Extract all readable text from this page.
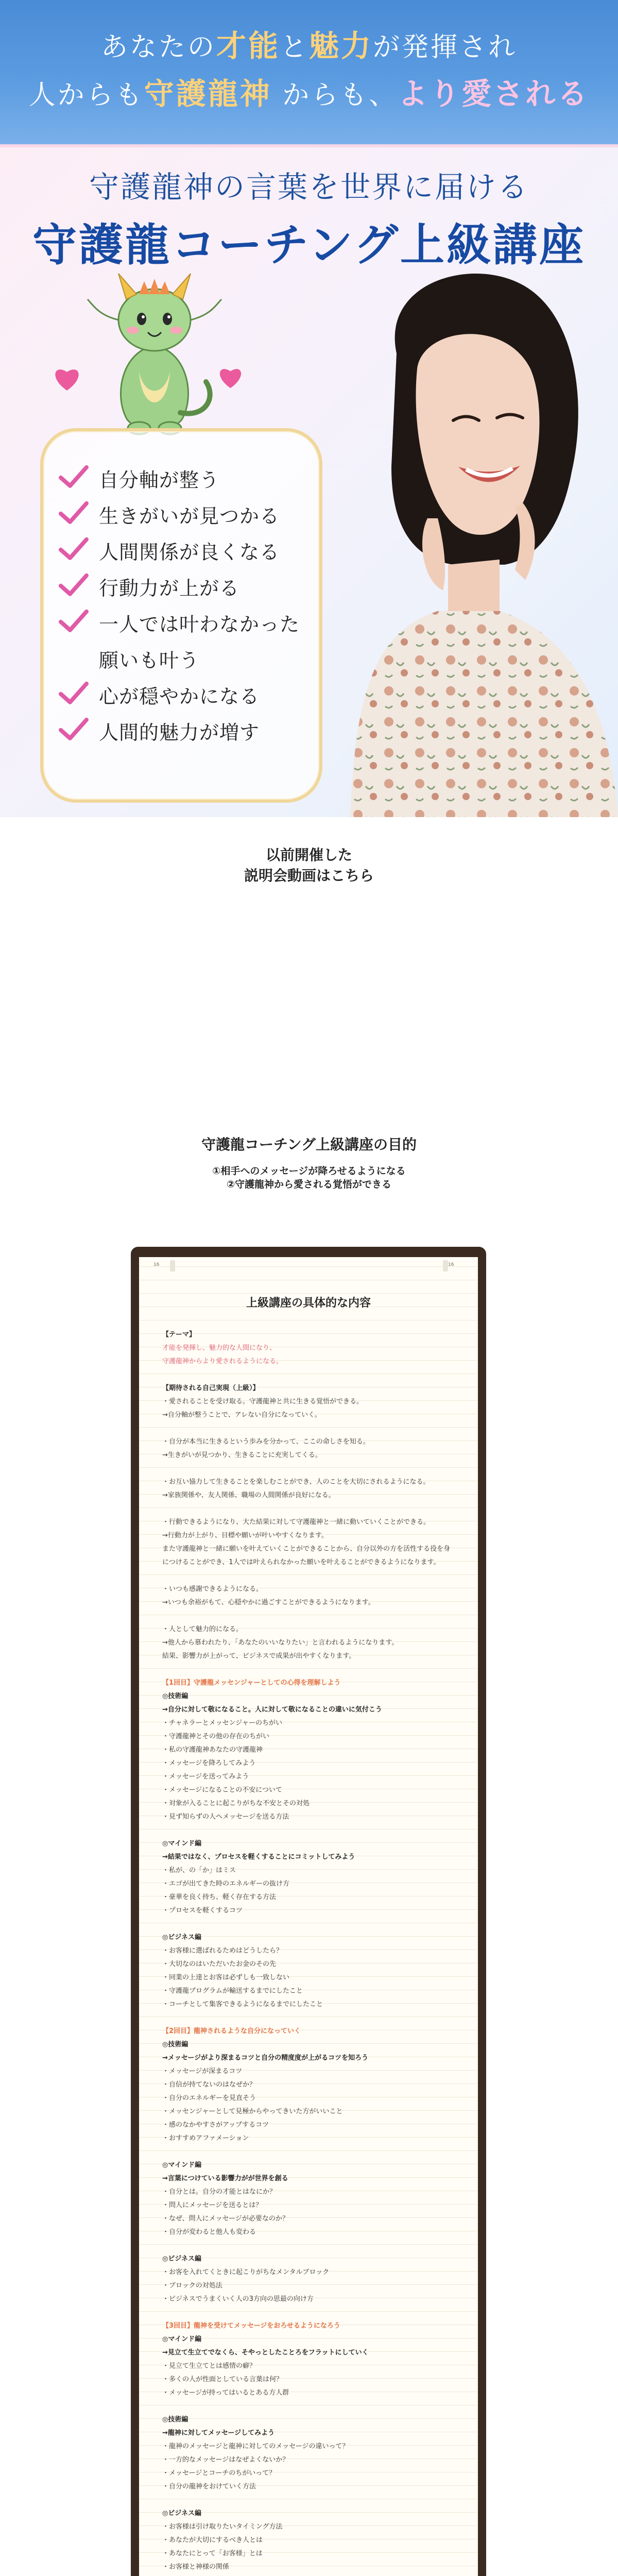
あなたの才能と魅力が発揮され
人からも守護龍神 からも、より愛される
守護龍神の言葉を世界に届ける
守護龍コーチング上級講座
自分軸が整う
生きがいが見つかる
人間関係が良くなる
行動力が上がる
一人では叶わなかった
願いも叶う
心が穏やかになる
人間的魅力が増す
以前開催した
説明会動画はこちら
守護龍コーチング上級講座の目的
①相手へのメッセージが降ろせるようになる
②守護龍神から愛される覚悟ができる
16	16
上級講座の具体的な内容
【テーマ】
才能を発揮し、魅力的な人間になり、
守護龍神からより愛されるようになる。
【期待される自己実現（上級）】
・愛されることを受け取る。守護龍神と共に生きる覚悟ができる。
→自分軸が整うことで、アレない自分になっていく。
・自分が本当に生きるという歩みを分かって、ここの命しさを知る。
→生きがいが見つかり、生きることに充実してくる。
・お互い協力して生きることを楽しむことができ、人のことを大切にされるようになる。
→家族関係や、友人関係、職場の人間関係が良好になる。
・行動できるようになり、大た結果に対して守護龍神と一緒に動いていくことができる。
→行動力が上がり、目標や願いが叶いやすくなります。
また守護龍神と一緒に願いを叶えていくことができることから、自分以外の方を活性する役を身
につけることができ、1人では叶えられなかった願いを叶えることができるようになります。
・いつも感謝できるようになる。
→いつも余裕がもて、心穏やかに過ごすことができるようになります。
・人として魅力的になる。
→他人から慕われたり、「あなたのいいなりたい」と言われるようになります。
結果、影響力が上がって、ビジネスで成果が出やすくなります。
【1回目】守護龍メッセンジャーとしての心得を理解しよう
◎技術編
→自分に対して敬になること。人に対して敬になることの違いに気付こう
・チャネラーとメッセンジャーのちがい
・守護龍神とその他の存在のちがい
・私の守護龍神あなたの守護龍神
・メッセージを降ろしてみよう
・メッセージを送ってみよう
・メッセージになることの不安について
・対象が入ることに起こりがちな不安とその対処
・見ず知らずの人へメッセージを送る方法
◎マインド編
→結果ではなく、プロセスを軽くすることにコミットしてみよう
・私が、の「か」はミス
・エゴが出てきた時のエネルギーの抜け方
・豪華を良く持ち、軽く存在する方法
・プロセスを軽くするコツ
◎ビジネス編
・お客様に選ばれるためはどうしたら？
・大切なのはいただいたお金のその先
・同業の上達とお客は必ずしも一致しない
・守護龍プログラムが輸送するまでにしたこと
・コーチとして集客できるようになるまでにしたこと
【2回目】龍神されるような自分になっていく
◎技術編
→メッセージがより深まるコツと自分の精度度が上がるコツを知ろう
・メッセージが深まるコツ
・自信が持てないのはなぜか？
・自分のエネルギーを見直そう
・メッセンジャーとして見極からやってきいた方がいいこと
・感のなかやすさがアップするコツ
・おすすめアファメーション
◎マインド編
→言葉につけている影響力がが世界を創る
・自分とは。自分の才能とはなにか？
・問人にメッセージを送るとは？
・なぜ、問人にメッセージが必要なのか？
・自分が変わると他人も変わる
◎ビジネス編
・お客を入れてくときに起こりがちなメンタルブロック
・ブロックの対処法
・ビジネスでうまくいく人の3方向の思最の向け方
【3回目】龍神を受けてメッセージをおろせるようになろう
◎マインド編
→見立て生立てでなくら、そやっとしたことろをフラットにしていく
・見立て生立てとは感情の癖？
・多くの人が性面としている言葉は何？
・メッセージが持ってはいるとある方人群
◎技術編
→龍神に対してメッセージしてみよう
・龍神のメッセージと龍神に対してのメッセージの違いって？
・一方的なメッセージはなぜよくないか？
・メッセージとコーチのちがいって？
・自分の龍神をおけていく方法
◎ビジネス編
・お客様は引け取りたいタイミング方法
・あなたが大切にするべき人とは
・あなたにとって「お客様」とは
・お客様と神様の関係
